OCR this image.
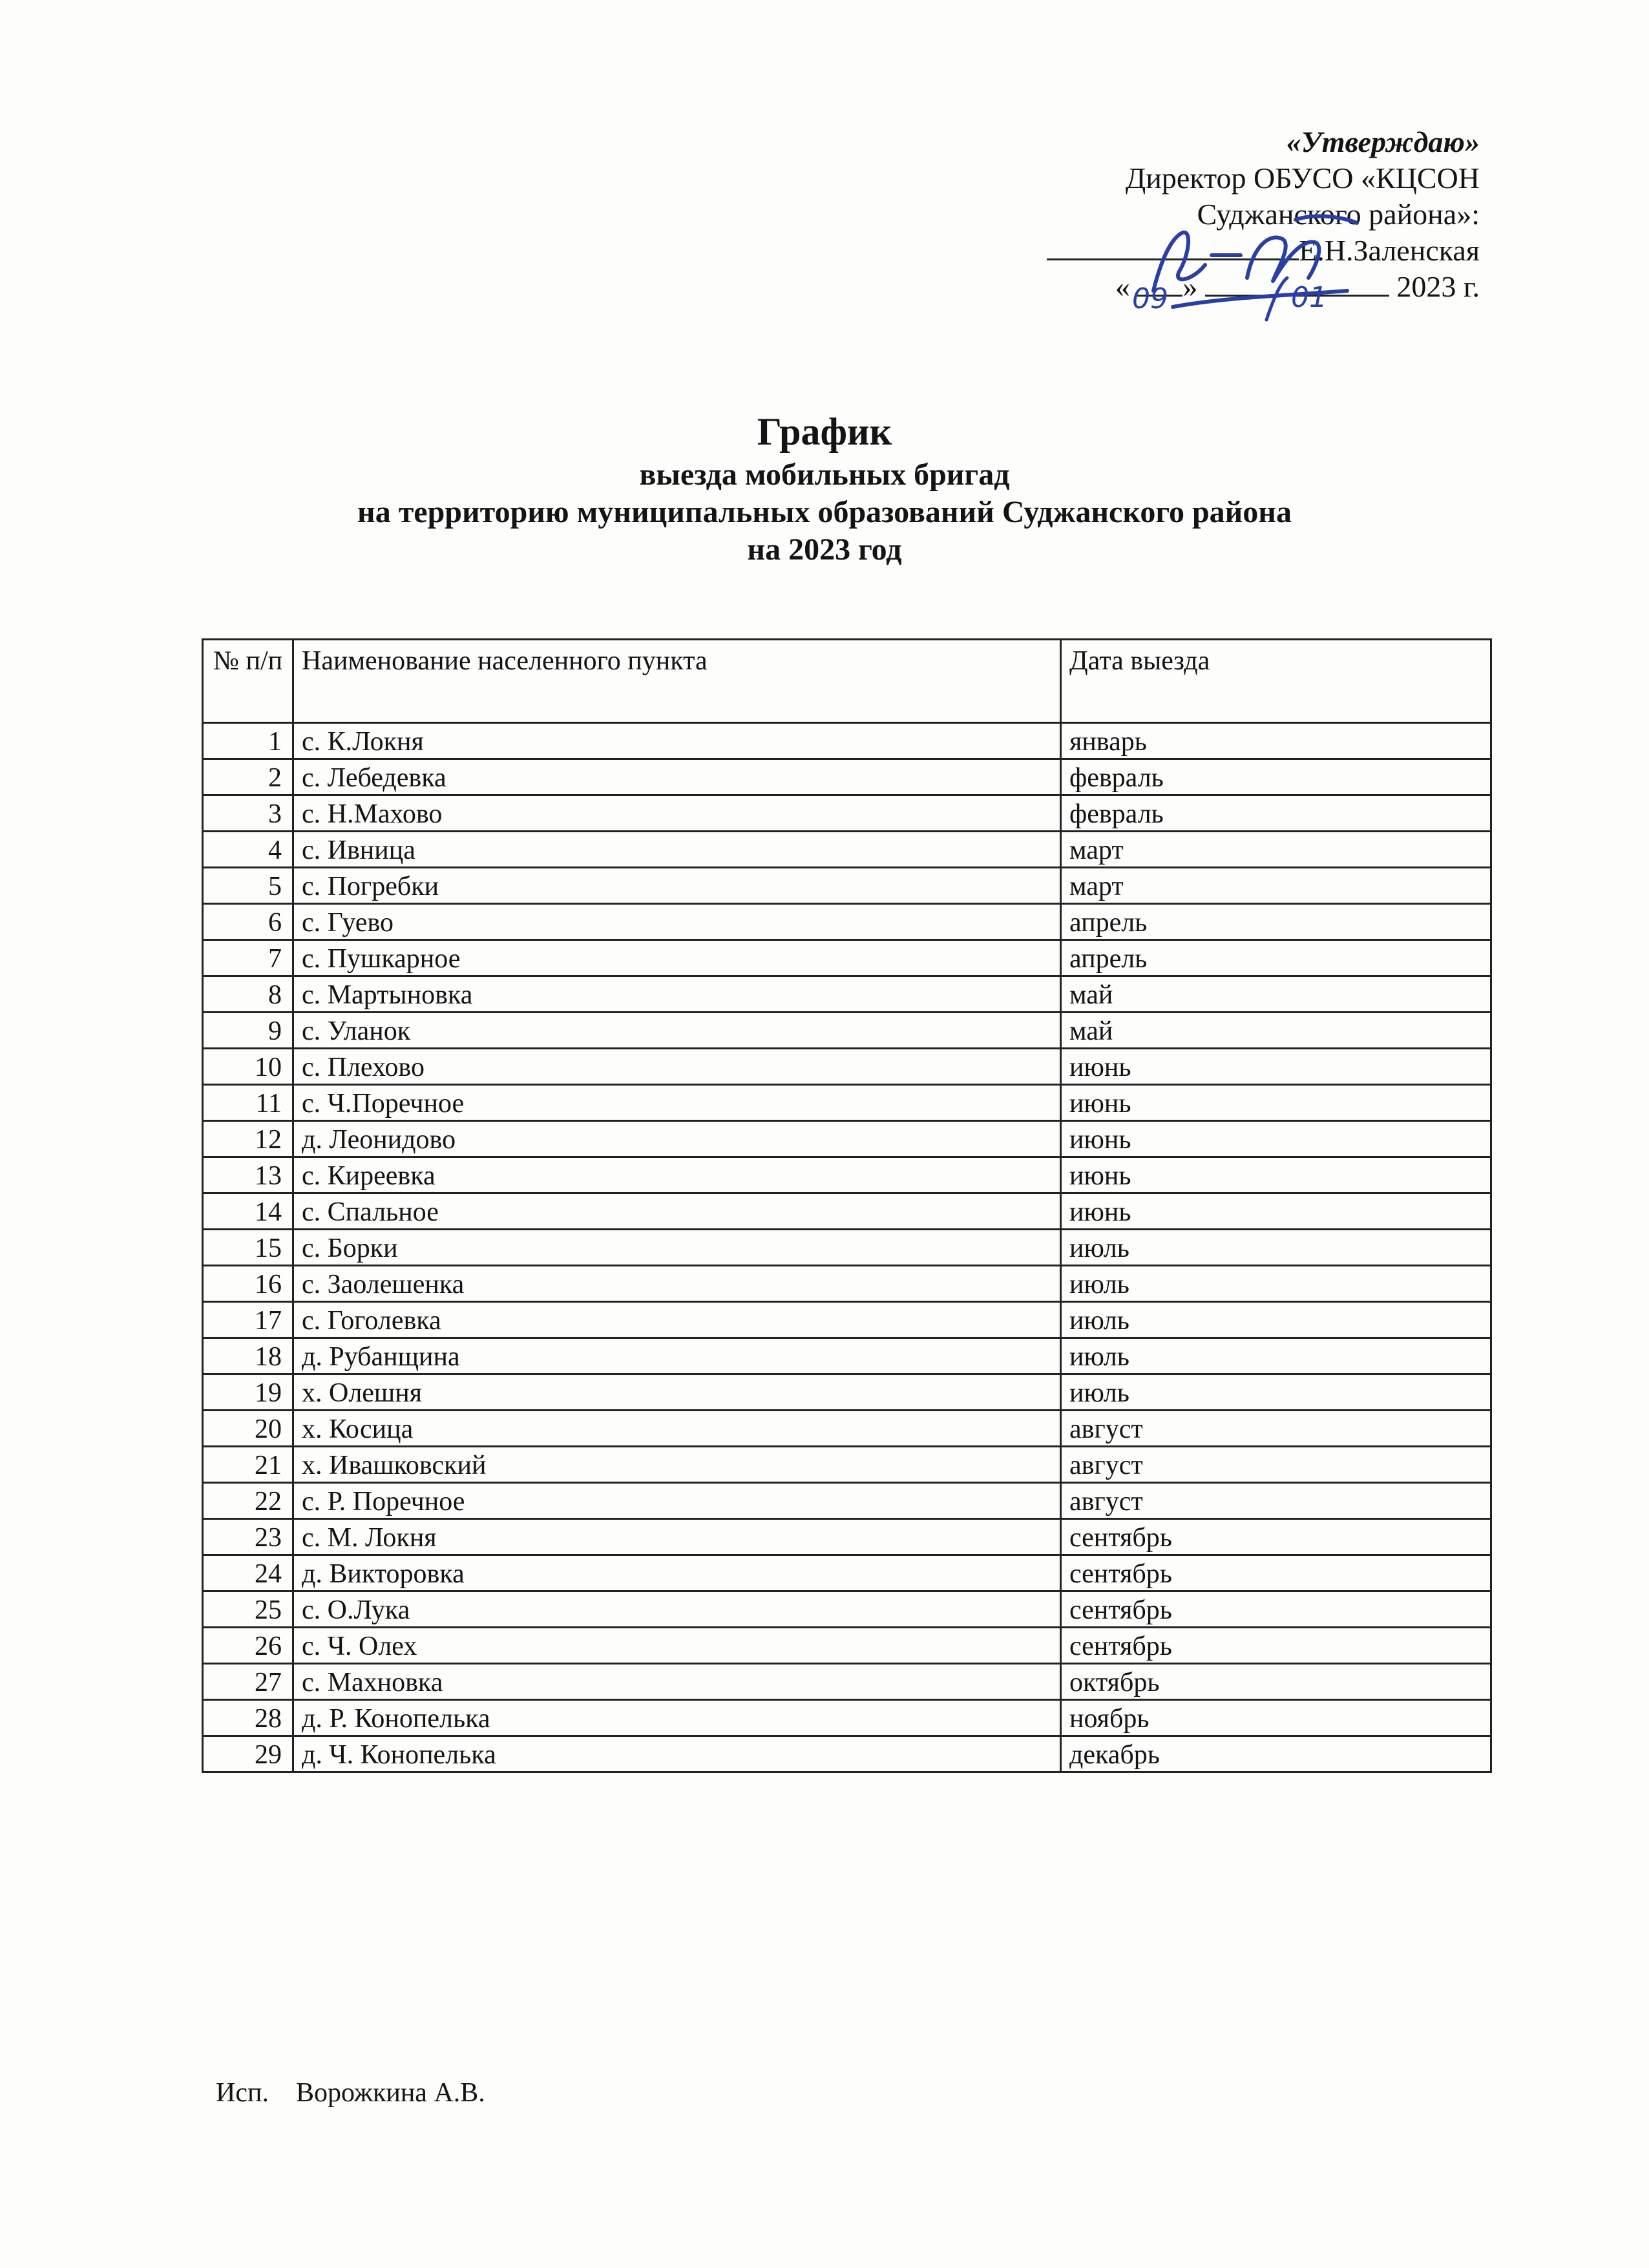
«Утверждаю»
Директор ОБУСО «КЦСОН
Суджанского района»:
Е.Н.Заленская
« »	2023 г.
09	01
График
выезда мобильных бригад
на территорию муниципальных образований Суджанского района
на 2023 год
№ п/п	Наименование населенного пункта	Дата выезда
1	с. К.Локня	январь
2	с. Лебедевка	февраль
3	с. Н.Махово	февраль
4	с. Ивница	март
5	с. Погребки	март
6	с. Гуево	апрель
7	с. Пушкарное	апрель
8	с. Мартыновка	май
9	с. Уланок	май
10	с. Плехово	июнь
11	с. Ч.Поречное	июнь
12	д. Леонидово	июнь
13	с. Киреевка	июнь
14	с. Спальное	июнь
15	с. Борки	июль
16	с. Заолешенка	июль
17	с. Гоголевка	июль
18	д. Рубанщина	июль
19	х. Олешня	июль
20	х. Косица	август
21	х. Ивашковский	август
22	с. Р. Поречное	август
23	с. М. Локня	сентябрь
24	д. Викторовка	сентябрь
25	с. О.Лука	сентябрь
26	с. Ч. Олех	сентябрь
27	с. Махновка	октябрь
28	д. Р. Конопелька	ноябрь
29	д. Ч. Конопелька	декабрь
Исп. Ворожкина А.В.
